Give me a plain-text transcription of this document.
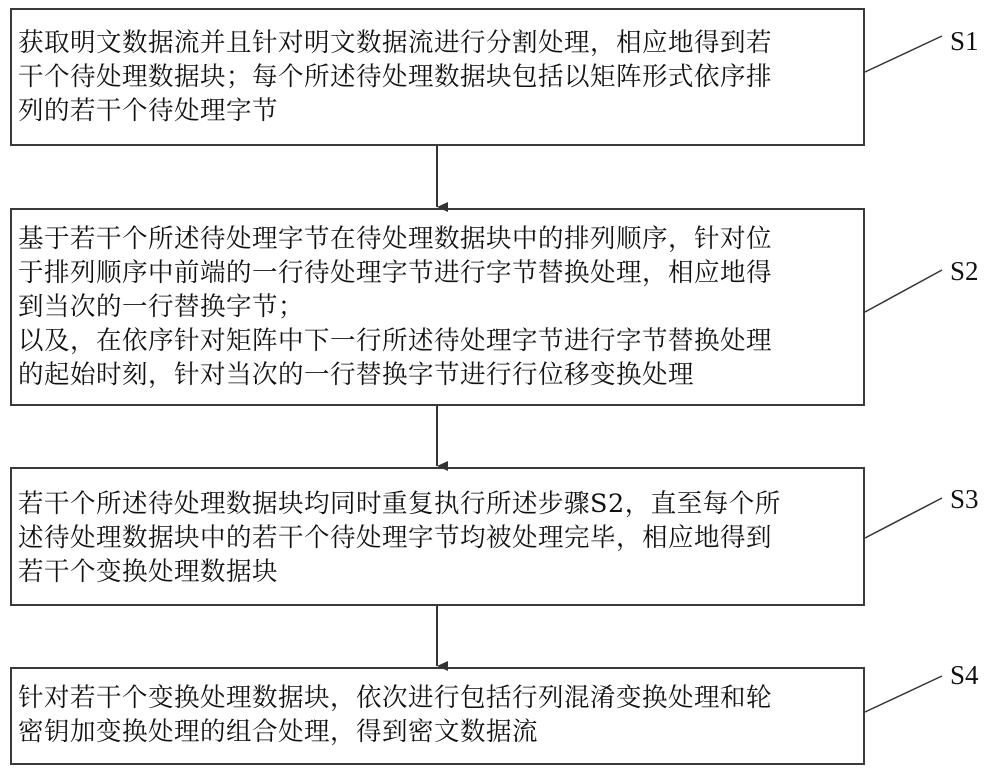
获取明文数据流并且针对明文数据流进行分割处理，相应地得到若
干个待处理数据块；每个所述待处理数据块包括以矩阵形式依序排
列的若干个待处理字节

基于若干个所述待处理字节在待处理数据块中的排列顺序，针对位
于排列顺序中前端的一行待处理字节进行字节替换处理，相应地得
到当次的一行替换字节；
以及，在依序针对矩阵中下一行所述待处理字节进行字节替换处理
的起始时刻，针对当次的一行替换字节进行行位移变换处理

若干个所述待处理数据块均同时重复执行所述步骤S2，直至每个所
述待处理数据块中的若干个待处理字节均被处理完毕，相应地得到
若干个变换处理数据块

针对若干个变换处理数据块，依次进行包括行列混淆变换处理和轮
密钥加变换处理的组合处理，得到密文数据流

S1
S2
S3
S4
